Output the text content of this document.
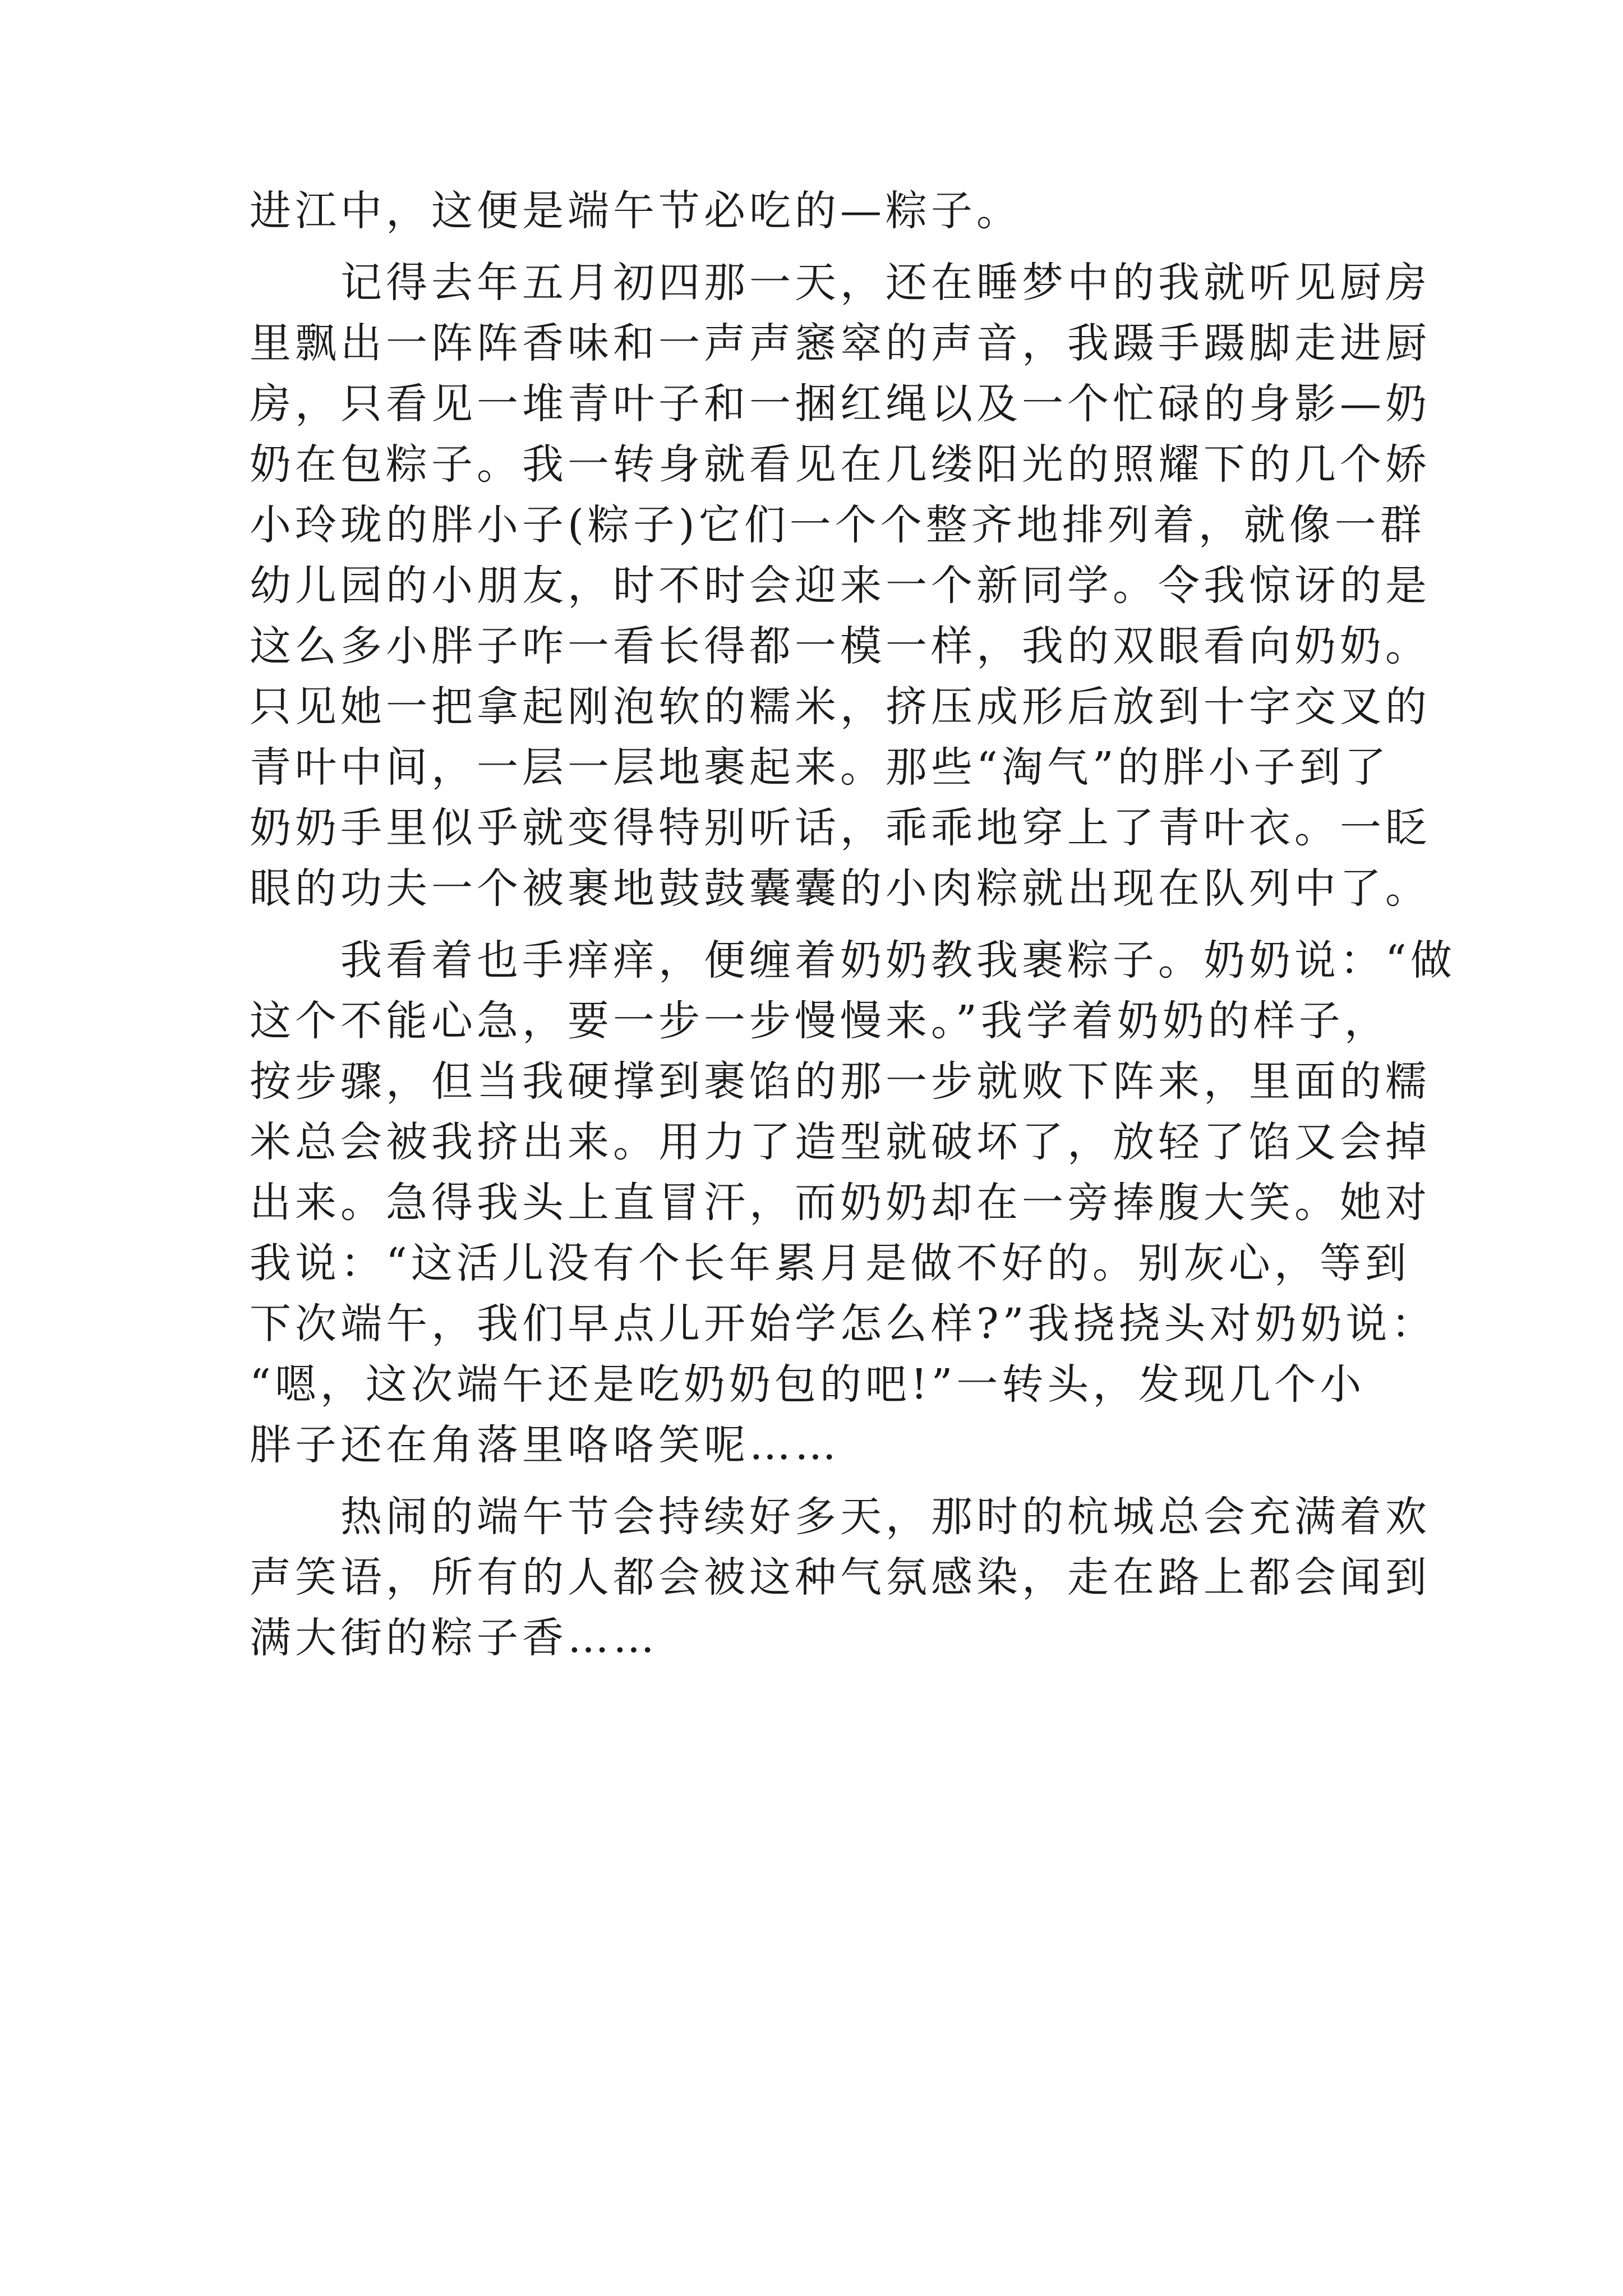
进江中，这便是端午节必吃的—粽子。
　　记得去年五月初四那一天，还在睡梦中的我就听见厨房
里飘出一阵阵香味和一声声窸窣的声音，我蹑手蹑脚走进厨
房，只看见一堆青叶子和一捆红绳以及一个忙碌的身影—奶
奶在包粽子。我一转身就看见在几缕阳光的照耀下的几个娇
小玲珑的胖小子(粽子)它们一个个整齐地排列着，就像一群
幼儿园的小朋友，时不时会迎来一个新同学。令我惊讶的是
这么多小胖子咋一看长得都一模一样，我的双眼看向奶奶。
只见她一把拿起刚泡软的糯米，挤压成形后放到十字交叉的
青叶中间，一层一层地裹起来。那些“淘气”的胖小子到了
奶奶手里似乎就变得特别听话，乖乖地穿上了青叶衣。一眨
眼的功夫一个被裹地鼓鼓囊囊的小肉粽就出现在队列中了。
　　我看着也手痒痒，便缠着奶奶教我裹粽子。奶奶说：“做
这个不能心急，要一步一步慢慢来。”我学着奶奶的样子，
按步骤，但当我硬撑到裹馅的那一步就败下阵来，里面的糯
米总会被我挤出来。用力了造型就破坏了，放轻了馅又会掉
出来。急得我头上直冒汗，而奶奶却在一旁捧腹大笑。她对
我说：“这活儿没有个长年累月是做不好的。别灰心，等到
下次端午，我们早点儿开始学怎么样?”我挠挠头对奶奶说：
“嗯，这次端午还是吃奶奶包的吧!”一转头，发现几个小
胖子还在角落里咯咯笑呢……
　　热闹的端午节会持续好多天，那时的杭城总会充满着欢
声笑语，所有的人都会被这种气氛感染，走在路上都会闻到
满大街的粽子香……
